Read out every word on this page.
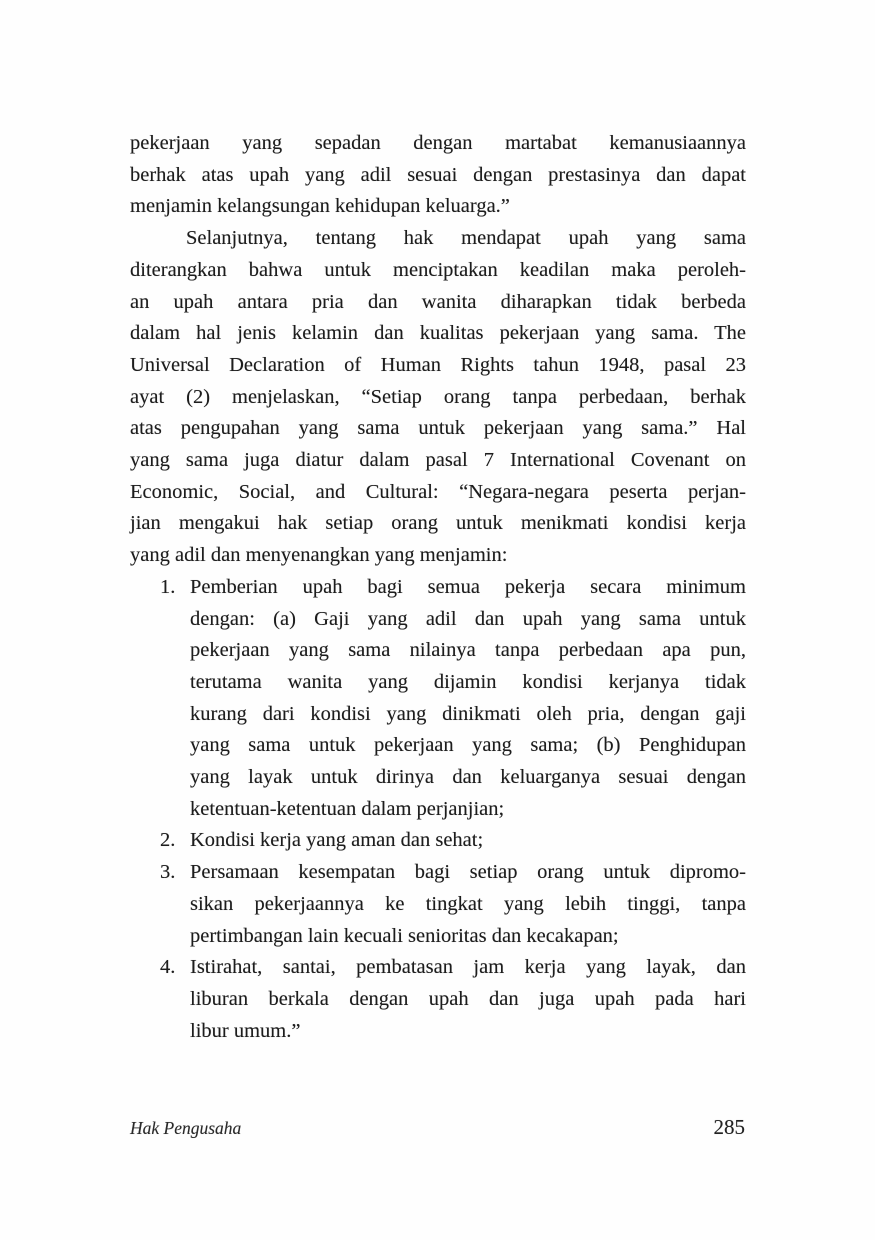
pekerjaan yang sepadan dengan martabat kemanusiaannya
berhak atas upah yang adil sesuai dengan prestasinya dan dapat
menjamin kelangsungan kehidupan keluarga.”
Selanjutnya, tentang hak mendapat upah yang sama
diterangkan bahwa untuk menciptakan keadilan maka peroleh-
an upah antara pria dan wanita diharapkan tidak berbeda
dalam hal jenis kelamin dan kualitas pekerjaan yang sama. The
Universal Declaration of Human Rights tahun 1948, pasal 23
ayat (2) menjelaskan, “Setiap orang tanpa perbedaan, berhak
atas pengupahan yang sama untuk pekerjaan yang sama.” Hal
yang sama juga diatur dalam pasal 7 International Covenant on
Economic, Social, and Cultural: “Negara-negara peserta perjan-
jian mengakui hak setiap orang untuk menikmati kondisi kerja
yang adil dan menyenangkan yang menjamin:
1. Pemberian upah bagi semua pekerja secara minimum
dengan: (a) Gaji yang adil dan upah yang sama untuk
pekerjaan yang sama nilainya tanpa perbedaan apa pun,
terutama wanita yang dijamin kondisi kerjanya tidak
kurang dari kondisi yang dinikmati oleh pria, dengan gaji
yang sama untuk pekerjaan yang sama; (b) Penghidupan
yang layak untuk dirinya dan keluarganya sesuai dengan
ketentuan-ketentuan dalam perjanjian;
2. Kondisi kerja yang aman dan sehat;
3. Persamaan kesempatan bagi setiap orang untuk dipromo-
sikan pekerjaannya ke tingkat yang lebih tinggi, tanpa
pertimbangan lain kecuali senioritas dan kecakapan;
4. Istirahat, santai, pembatasan jam kerja yang layak, dan
liburan berkala dengan upah dan juga upah pada hari
libur umum.”
Hak Pengusaha	285
